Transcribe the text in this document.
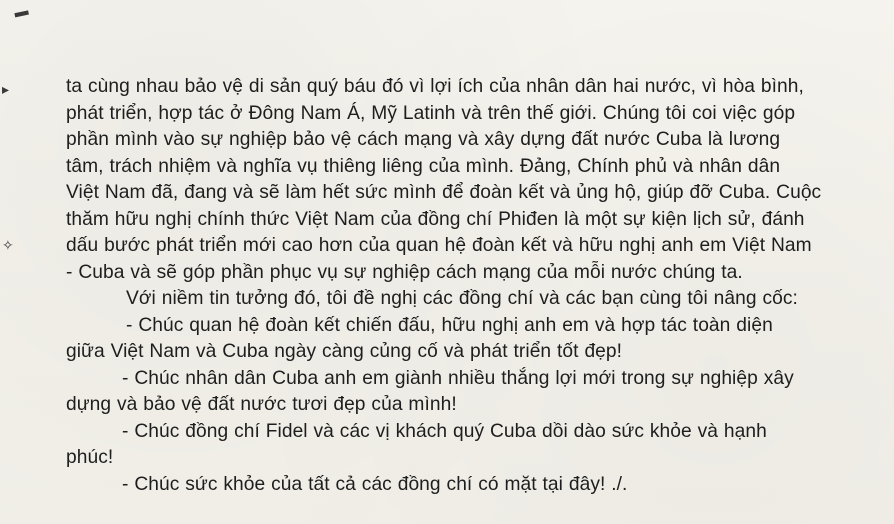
▬
▸
✧
ta cùng nhau bảo vệ di sản quý báu đó vì lợi ích của nhân dân hai nước, vì hòa bình,
phát triển, hợp tác ở Đông Nam Á, Mỹ Latinh và trên thế giới. Chúng tôi coi việc góp
phần mình vào sự nghiệp bảo vệ cách mạng và xây dựng đất nước Cuba là lương
tâm, trách nhiệm và nghĩa vụ thiêng liêng của mình. Đảng, Chính phủ và nhân dân
Việt Nam đã, đang và sẽ làm hết sức mình để đoàn kết và ủng hộ, giúp đỡ Cuba. Cuộc
thăm hữu nghị chính thức Việt Nam của đồng chí Phiđen là một sự kiện lịch sử, đánh
dấu bước phát triển mới cao hơn của quan hệ đoàn kết và hữu nghị anh em Việt Nam
- Cuba và sẽ góp phần phục vụ sự nghiệp cách mạng của mỗi nước chúng ta.
Với niềm tin tưởng đó, tôi đề nghị các đồng chí và các bạn cùng tôi nâng cốc:
- Chúc quan hệ đoàn kết chiến đấu, hữu nghị anh em và hợp tác toàn diện
giữa Việt Nam và Cuba ngày càng củng cố và phát triển tốt đẹp!
- Chúc nhân dân Cuba anh em giành nhiều thắng lợi mới trong sự nghiệp xây
dựng và bảo vệ đất nước tươi đẹp của mình!
- Chúc đồng chí Fidel và các vị khách quý Cuba dồi dào sức khỏe và hạnh
phúc!
- Chúc sức khỏe của tất cả các đồng chí có mặt tại đây! ./.
